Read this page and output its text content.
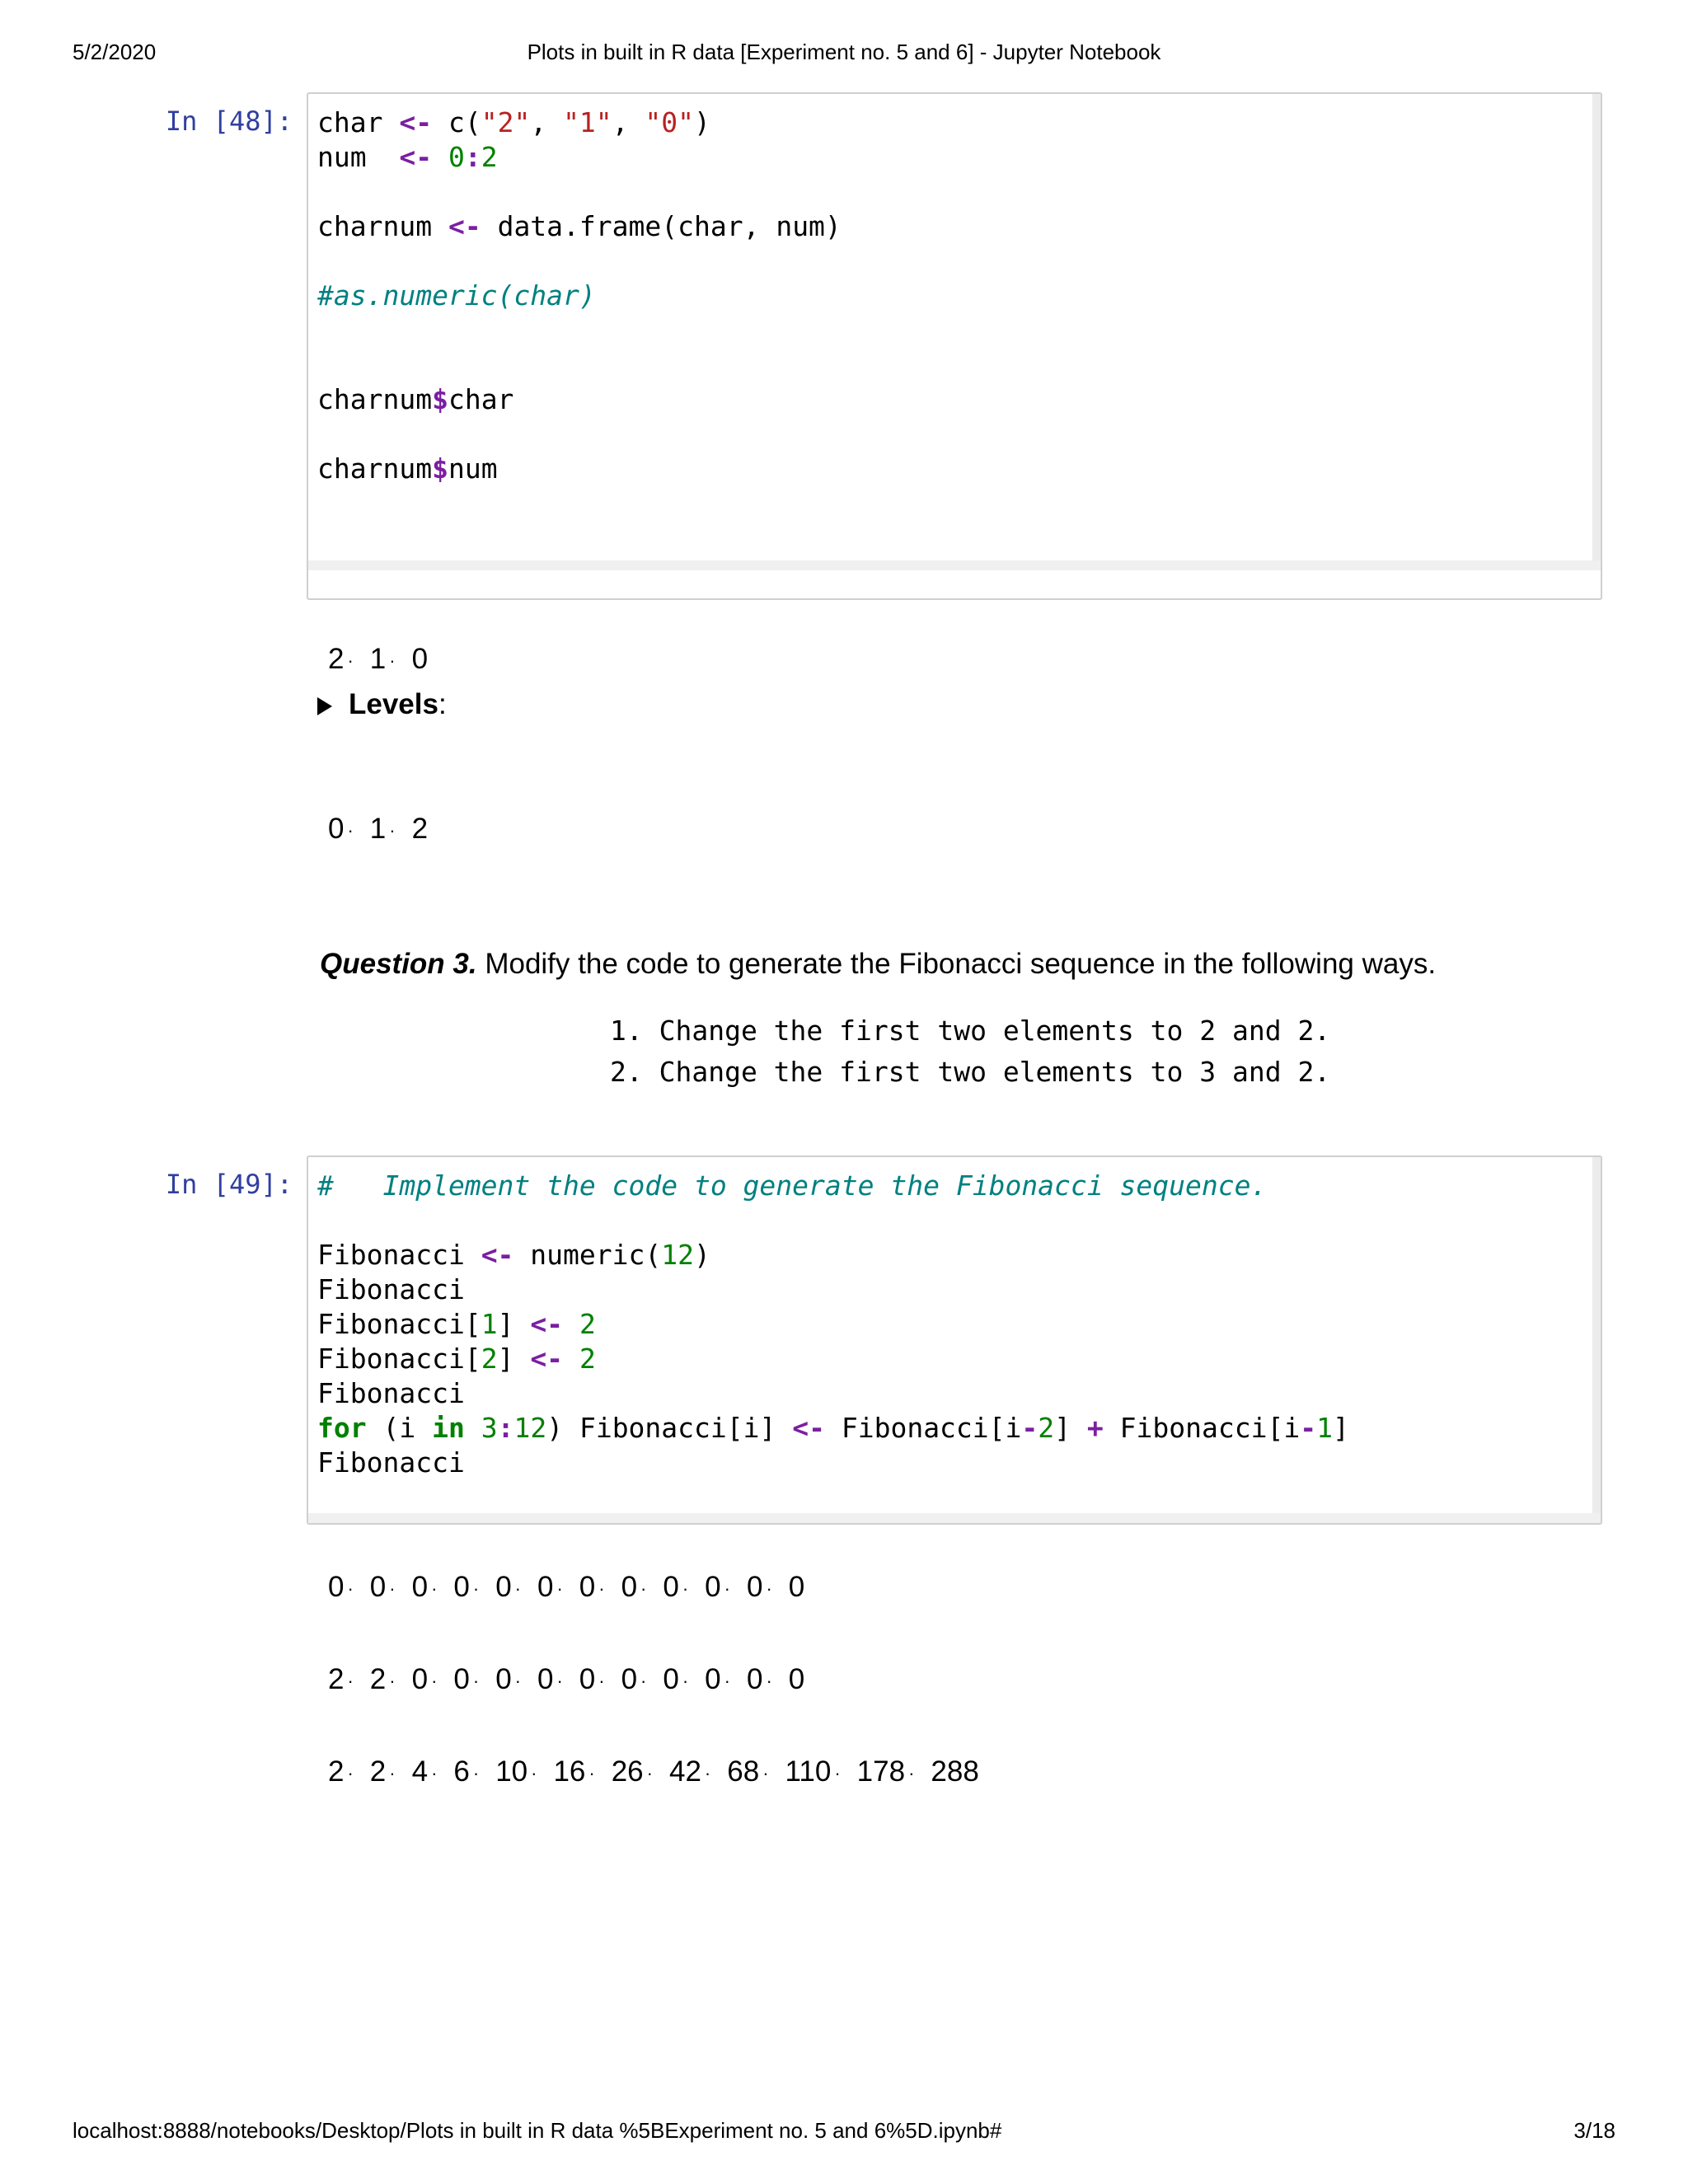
5/2/2020	Plots in built in R data [Experiment no. 5 and 6] - Jupyter Notebook
In [48]: char <- c("2", "1", "0")
num  <- 0:2
charnum <- data.frame(char, num)
#as.numeric(char)
charnum$char
charnum$num
2 · 1 · 0
Levels:
0 · 1 · 2
Question 3. Modify the code to generate the Fibonacci sequence in the following ways.
1. Change the first two elements to 2 and 2.
2. Change the first two elements to 3 and 2.
In [49]: #   Implement the code to generate the Fibonacci sequence.
Fibonacci <- numeric(12)
Fibonacci
Fibonacci[1] <- 2
Fibonacci[2] <- 2
Fibonacci
for (i in 3:12) Fibonacci[i] <- Fibonacci[i-2] + Fibonacci[i-1]
Fibonacci
0 · 0 · 0 · 0 · 0 · 0 · 0 · 0 · 0 · 0 · 0 · 0
2 · 2 · 0 · 0 · 0 · 0 · 0 · 0 · 0 · 0 · 0 · 0
2 · 2 · 4 · 6 · 10 · 16 · 26 · 42 · 68 · 110 · 178 · 288
localhost:8888/notebooks/Desktop/Plots in built in R data %5BExperiment no. 5 and 6%5D.ipynb#	3/18
